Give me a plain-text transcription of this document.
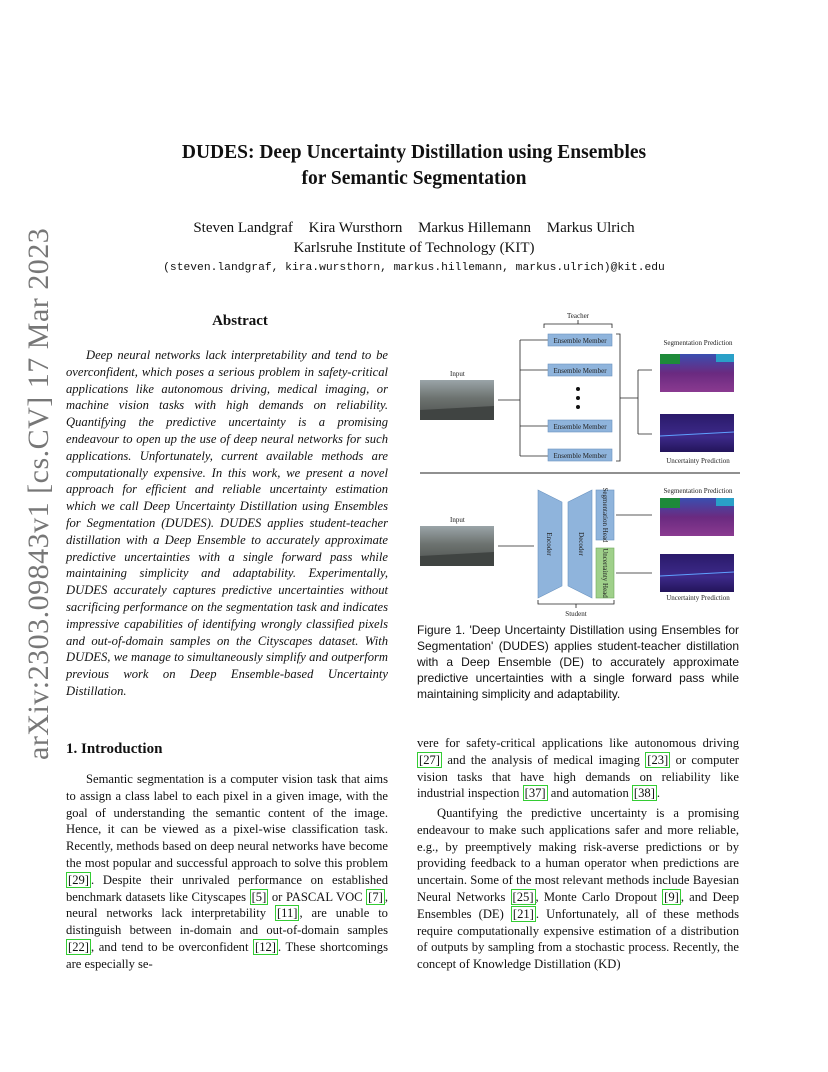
arXiv:2303.09843v1 [cs.CV] 17 Mar 2023
DUDES: Deep Uncertainty Distillation using Ensembles
for Semantic Segmentation
Steven Landgraf Kira Wursthorn Markus Hillemann Markus Ulrich
Karlsruhe Institute of Technology (KIT)
(steven.landgraf, kira.wursthorn, markus.hillemann, markus.ulrich)@kit.edu
Abstract

Deep neural networks lack interpretability and tend to be overconfident, which poses a serious problem in safety-critical applications like autonomous driving, medical imaging, or machine vision tasks with high demands on reliability. Quantifying the predictive uncertainty is a promising endeavour to open up the use of deep neural networks for such applications. Unfortunately, current available methods are computationally expensive. In this work, we present a novel approach for efficient and reliable uncertainty estimation which we call Deep Uncertainty Distillation using Ensembles for Segmentation (DUDES). DUDES applies student-teacher distillation with a Deep Ensemble to accurately approximate predictive uncertainties with a single forward pass while maintaining simplicity and adaptability. Experimentally, DUDES accurately captures predictive uncertainties without sacrificing performance on the segmentation task and indicates impressive capabilities of identifying wrongly classified pixels and out-of-domain samples on the Cityscapes dataset. With DUDES, we manage to simultaneously simplify and outperform previous work on Deep Ensemble-based Uncertainty Distillation.

Teacher
Input
Ensemble Member
Ensemble Member
Ensemble Member
Ensemble Member
Segmentation Prediction
Uncertainty Prediction
Input
Encoder	Decoder
Segmentation Head
Uncertainty Head
Segmentation Prediction
Uncertainty Prediction
Student

Figure 1. 'Deep Uncertainty Distillation using Ensembles for Segmentation' (DUDES) applies student-teacher distillation with a Deep Ensemble (DE) to accurately approximate predictive uncertainties with a single forward pass while maintaining simplicity and adaptability.

1. Introduction

Semantic segmentation is a computer vision task that aims to assign a class label to each pixel in a given image, with the goal of understanding the semantic content of the image. Hence, it can be viewed as a pixel-wise classification task. Recently, methods based on deep neural networks have become the most popular and successful approach to solve this problem [29] . Despite their unrivaled performance on established benchmark datasets like Cityscapes [5] or PASCAL VOC [7] , neural networks lack interpretability [11] , are unable to distinguish between in-domain and out-of-domain samples [22] , and tend to be overconfident [12] . These shortcomings are especially se-

vere for safety-critical applications like autonomous driving [27] and the analysis of medical imaging [23] or computer vision tasks that have high demands on reliability like industrial inspection [37] and automation [38] .

Quantifying the predictive uncertainty is a promising endeavour to make such applications safer and more reliable, e.g., by preemptively making risk-averse predictions or by providing feedback to a human operator when predictions are uncertain. Some of the most relevant methods include Bayesian Neural Networks [25] , Monte Carlo Dropout [9] , and Deep Ensembles (DE) [21] . Unfortunately, all of these methods require computationally expensive estimation of a distribution of outputs by sampling from a stochastic process. Recently, the concept of Knowledge Distillation (KD)
